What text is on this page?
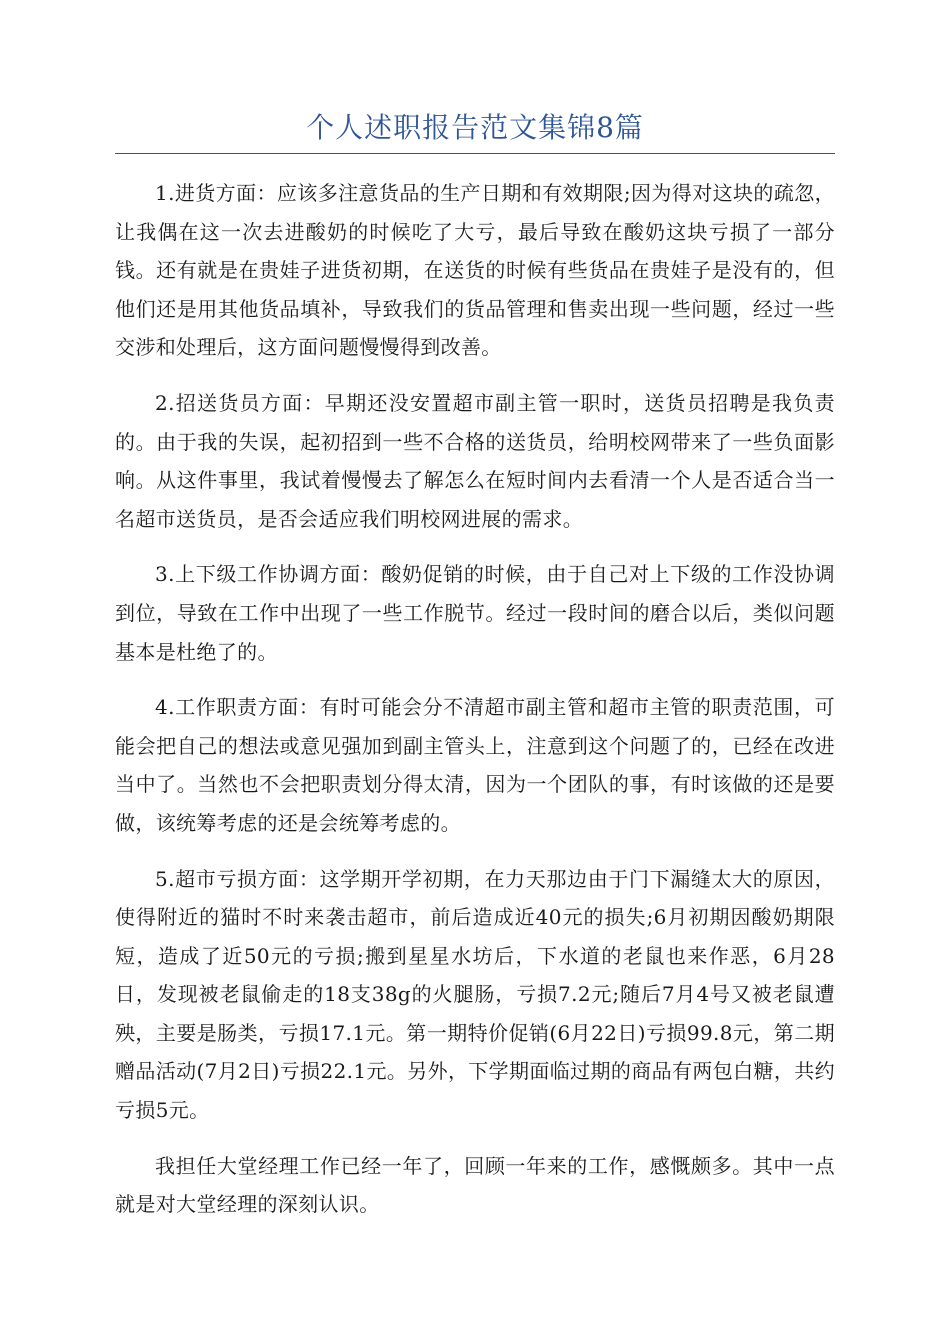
个人述职报告范文集锦8篇

1.进货方面：应该多注意货品的生产日期和有效期限;因为得对这块的疏忽，让我偶在这一次去进酸奶的时候吃了大亏，最后导致在酸奶这块亏损了一部分钱。还有就是在贵娃子进货初期，在送货的时候有些货品在贵娃子是没有的，但他们还是用其他货品填补，导致我们的货品管理和售卖出现一些问题，经过一些交涉和处理后，这方面问题慢慢得到改善。

2.招送货员方面：早期还没安置超市副主管一职时，送货员招聘是我负责的。由于我的失误，起初招到一些不合格的送货员，给明校网带来了一些负面影响。从这件事里，我试着慢慢去了解怎么在短时间内去看清一个人是否适合当一名超市送货员，是否会适应我们明校网进展的需求。

3.上下级工作协调方面：酸奶促销的时候，由于自己对上下级的工作没协调到位，导致在工作中出现了一些工作脱节。经过一段时间的磨合以后，类似问题基本是杜绝了的。

4.工作职责方面：有时可能会分不清超市副主管和超市主管的职责范围，可能会把自己的想法或意见强加到副主管头上，注意到这个问题了的，已经在改进当中了。当然也不会把职责划分得太清，因为一个团队的事，有时该做的还是要做，该统筹考虑的还是会统筹考虑的。

5.超市亏损方面：这学期开学初期，在力天那边由于门下漏缝太大的原因，使得附近的猫时不时来袭击超市，前后造成近40元的损失;6月初期因酸奶期限短，造成了近50元的亏损;搬到星星水坊后，下水道的老鼠也来作恶，6月28日，发现被老鼠偷走的18支38g的火腿肠，亏损7.2元;随后7月4号又被老鼠遭殃，主要是肠类，亏损17.1元。第一期特价促销(6月22日)亏损99.8元，第二期赠品活动(7月2日)亏损22.1元。另外，下学期面临过期的商品有两包白糖，共约亏损5元。

我担任大堂经理工作已经一年了，回顾一年来的工作，感慨颇多。其中一点就是对大堂经理的深刻认识。
